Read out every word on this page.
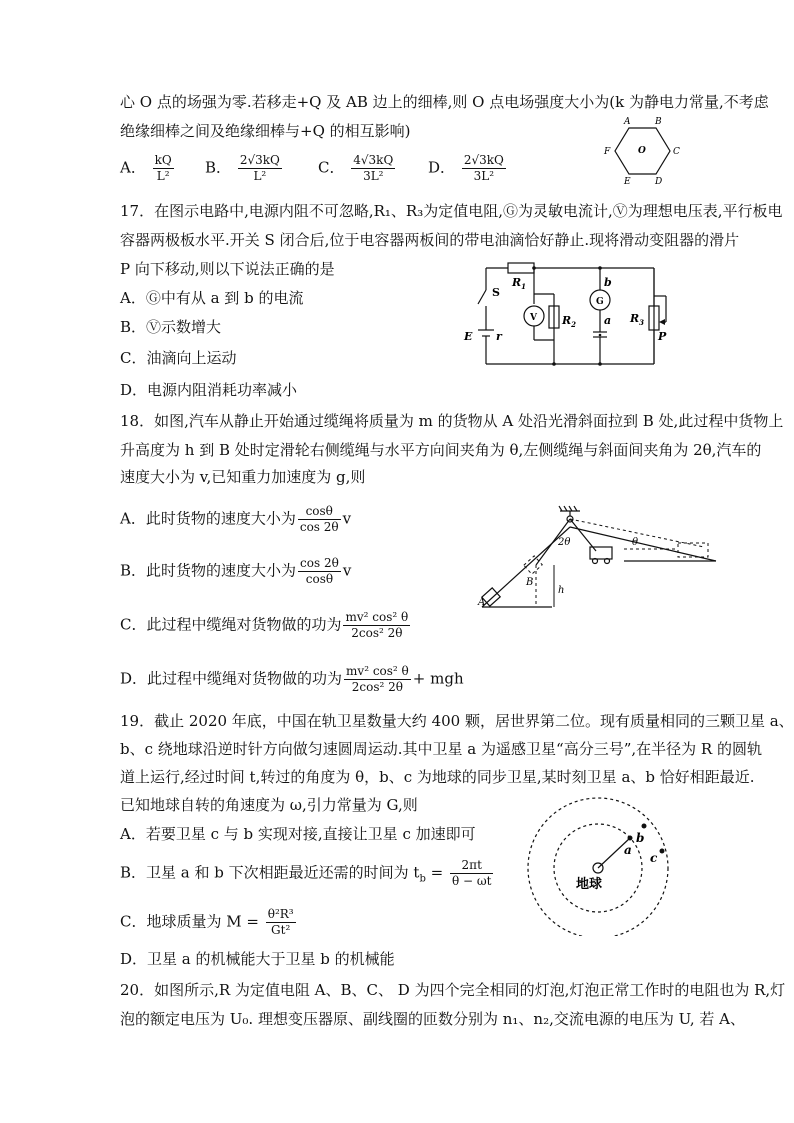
心 O 点的场强为零.若移走+Q 及 AB 边上的细棒,则 O 点电场强度大小为(k 为静电力常量,不考虑
绝缘细棒之间及绝缘细棒与+Q 的相互影响)
A． $\frac{kQ}{\text{L²}}$ B． $\frac{2√3kQ}{\text{L²}}$ C． $\frac{4√3kQ}{\text{3L²}}$ D． $\frac{2√3kQ}{\text{3L²}}$
A	B
C
D
E
F	O
17．在图示电路中,电源内阻不可忽略,R₁、R₃为定值电阻,Ⓖ为灵敏电流计,Ⓥ为理想电压表,平行板电
容器两极板水平.开关 S 闭合后,位于电容器两板间的带电油滴恰好静止.现将滑动变阻器的滑片
P 向下移动,则以下说法正确的是
A．Ⓖ中有从 a 到 b 的电流
B．Ⓥ示数增大
C．油滴向上运动
D．电源内阻消耗功率减小
S
$R_1$
V $R_2$
G
b
a $R_3$
P
E r
18．如图,汽车从静止开始通过缆绳将质量为 m 的货物从 A 处沿光滑斜面拉到 B 处,此过程中货物上
升高度为 h 到 B 处时定滑轮右侧缆绳与水平方向间夹角为 θ,左侧缆绳与斜面间夹角为 2θ,汽车的
速度大小为 v,已知重力加速度为 g,则
A．此时货物的速度大小为 $\frac{\cos\theta}{\cos 2\theta}$ v
B．此时货物的速度大小为 $\frac{\cos 2\theta}{\cos\theta}$ v
C．此过程中缆绳对货物做的功为 $\frac{\text{mv² cos² θ}}{\text{2cos² 2θ}}$
D．此过程中缆绳对货物做的功为 $\frac{\text{mv² cos² θ}}{\text{2cos² 2θ}}$ + mgh
2θ	θ
B
A
h
19．截止 2020 年底，中国在轨卫星数量大约 400 颗，居世界第二位。现有质量相同的三颗卫星 a、
b、c 绕地球沿逆时针方向做匀速圆周运动.其中卫星 a 为遥感卫星“高分三号”,在半径为 R 的圆轨
道上运行,经过时间 t,转过的角度为 θ，b、c 为地球的同步卫星,某时刻卫星 a、b 恰好相距最近.
已知地球自转的角速度为 ω,引力常量为 G,则
A．若要卫星 c 与 b 实现对接,直接让卫星 c 加速即可
B．卫星 a 和 b 下次相距最近还需的时间为 $t_b = \frac{2\pi t}{\theta - \omega t}$
C．地球质量为 $M = \frac{\text{θ²R³}}{\text{Gt²}}$
D．卫星 a 的机械能大于卫星 b 的机械能
地球
a
b
c
20．如图所示,R 为定值电阻 A、B、C、 D 为四个完全相同的灯泡,灯泡正常工作时的电阻也为 R,灯
泡的额定电压为 U₀. 理想变压器原、副线圈的匝数分别为 n₁、n₂,交流电源的电压为 U, 若 A、
